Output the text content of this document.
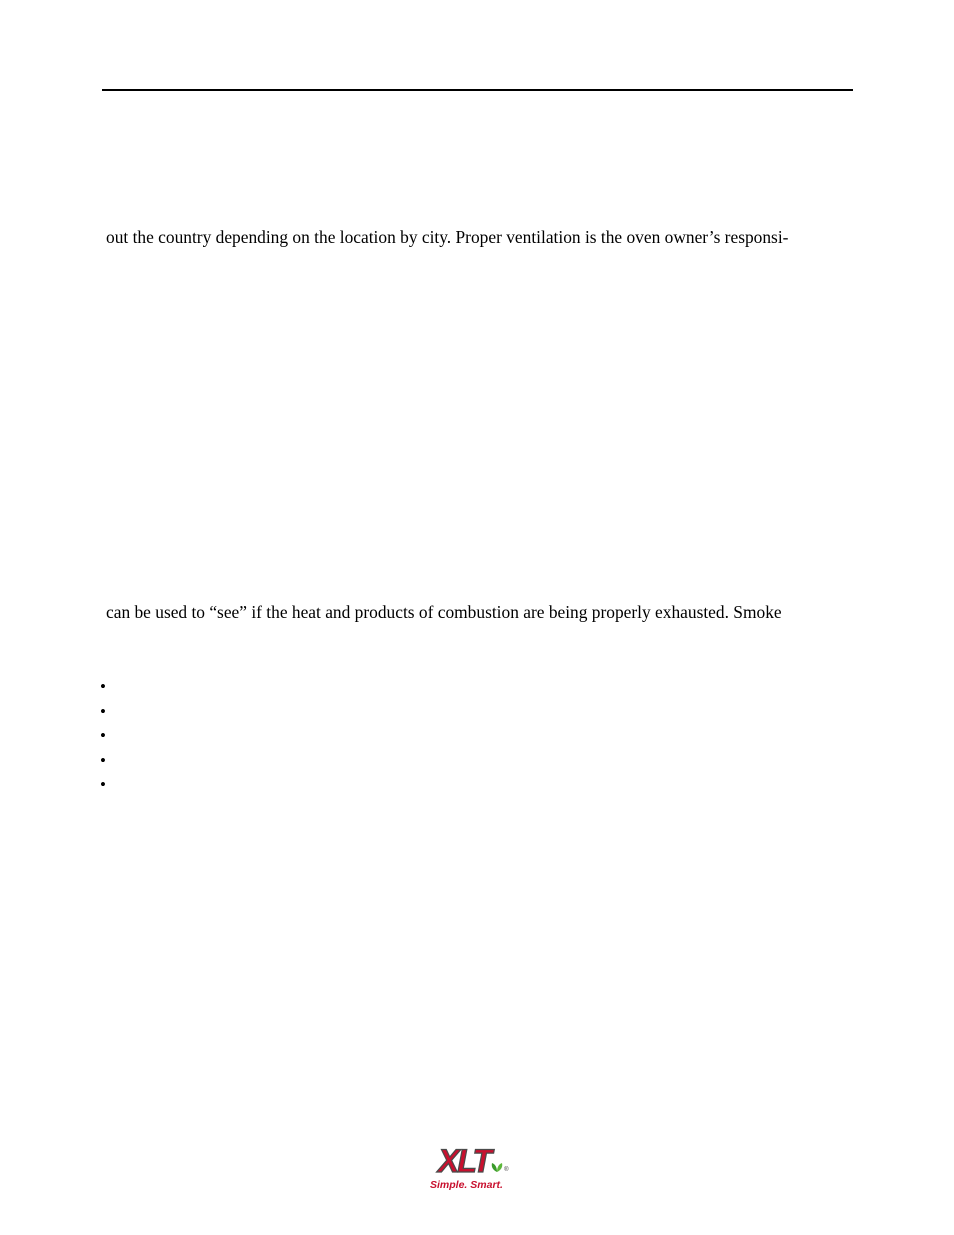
out the country depending on the location by city. Proper ventilation is the oven owner’s responsi-
can be used to “see” if the heat and products of combustion are being properly exhausted. Smoke
•
•
•
•
•
XLT ®
Simple. Smart.
